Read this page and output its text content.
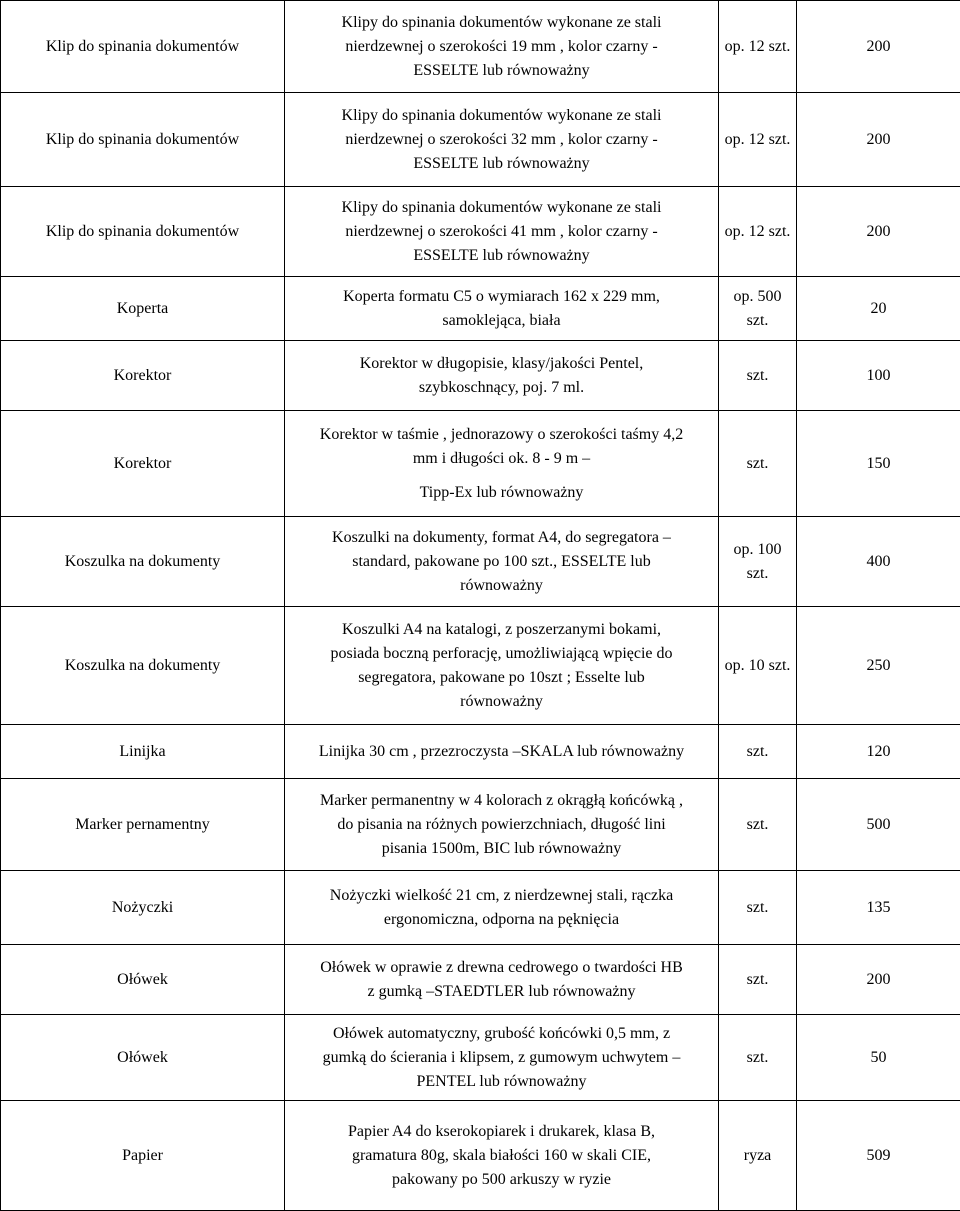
Klip do spinania dokumentów	Klipy do spinania dokumentów wykonane ze stali
nierdzewnej o szerokości 19 mm , kolor czarny -
ESSELTE lub równoważny	op. 12 szt.	200
Klip do spinania dokumentów	Klipy do spinania dokumentów wykonane ze stali
nierdzewnej o szerokości 32 mm , kolor czarny -
ESSELTE lub równoważny	op. 12 szt.	200
Klip do spinania dokumentów	Klipy do spinania dokumentów wykonane ze stali
nierdzewnej o szerokości 41 mm , kolor czarny -
ESSELTE lub równoważny	op. 12 szt.	200
Koperta	Koperta formatu C5 o wymiarach 162 x 229 mm,
samoklejąca, biała	op. 500 szt.	20
Korektor	Korektor w długopisie, klasy/jakości Pentel,
szybkoschnący, poj. 7 ml.	szt.	100
Korektor	Korektor w taśmie , jednorazowy o szerokości taśmy 4,2
mm i długości ok. 8 - 9 m –
Tipp-Ex lub równoważny	szt.	150
Koszulka na dokumenty	Koszulki na dokumenty, format A4, do segregatora –
standard, pakowane po 100 szt., ESSELTE lub
równoważny	op. 100 szt.	400
Koszulka na dokumenty	Koszulki A4 na katalogi, z poszerzanymi bokami,
posiada boczną perforację, umożliwiającą wpięcie do
segregatora, pakowane po 10szt ; Esselte lub
równoważny	op. 10 szt.	250
Linijka	Linijka 30 cm , przezroczysta –SKALA lub równoważny	szt.	120
Marker pernamentny	Marker permanentny w 4 kolorach z okrągłą końcówką ,
do pisania na różnych powierzchniach, długość lini
pisania 1500m, BIC lub równoważny	szt.	500
Nożyczki	Nożyczki wielkość 21 cm, z nierdzewnej stali, rączka
ergonomiczna, odporna na pęknięcia	szt.	135
Ołówek	Ołówek w oprawie z drewna cedrowego o twardości HB
z gumką –STAEDTLER lub równoważny	szt.	200
Ołówek	Ołówek automatyczny, grubość końcówki 0,5 mm, z
gumką do ścierania i klipsem, z gumowym uchwytem –
PENTEL lub równoważny	szt.	50
Papier	Papier A4 do kserokopiarek i drukarek, klasa B,
gramatura 80g, skala białości 160 w skali CIE,
pakowany po 500 arkuszy w ryzie	ryza	509
